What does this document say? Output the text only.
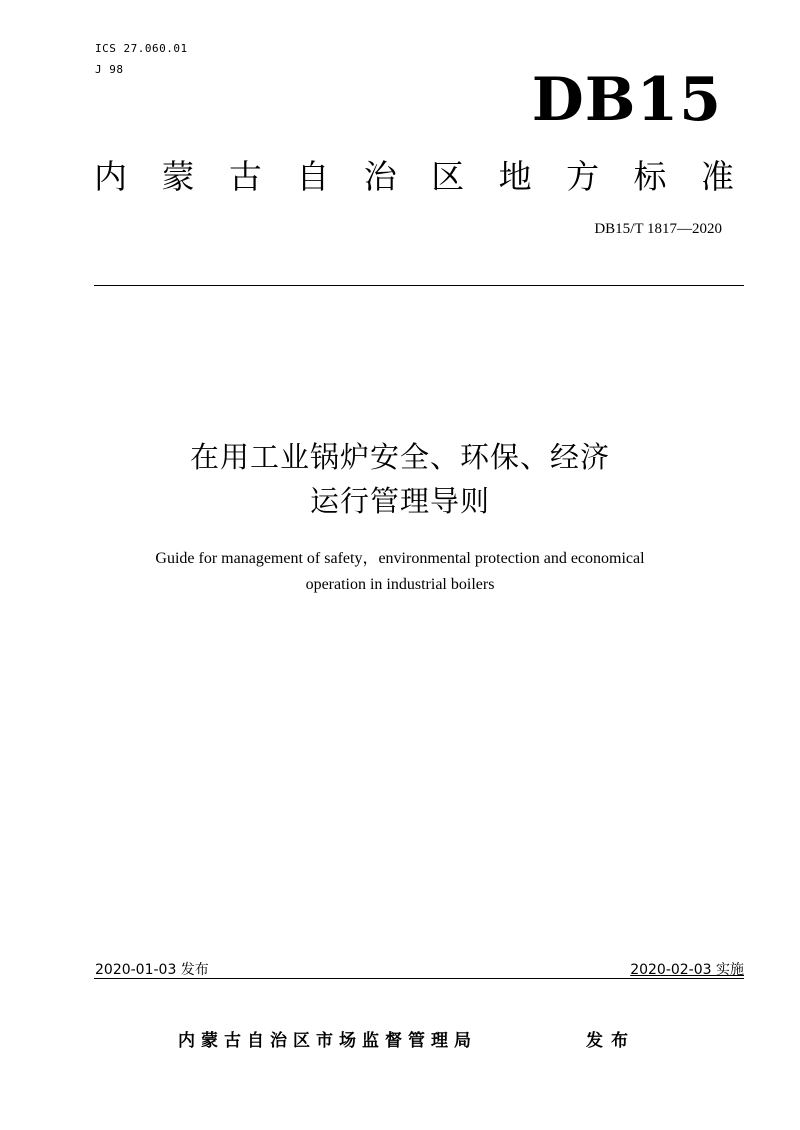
ICS 27.060.01
J 98	DB15
内 蒙 古 自 治 区 地 方 标 准
DB15/T 1817—2020
在用工业锅炉安全、环保、经济
运行管理导则
Guide for management of safety，environmental protection and economical
operation in industrial boilers
2020-01-03 发布	2020-02-03 实施
内蒙古自治区市场监督管理局	发布
